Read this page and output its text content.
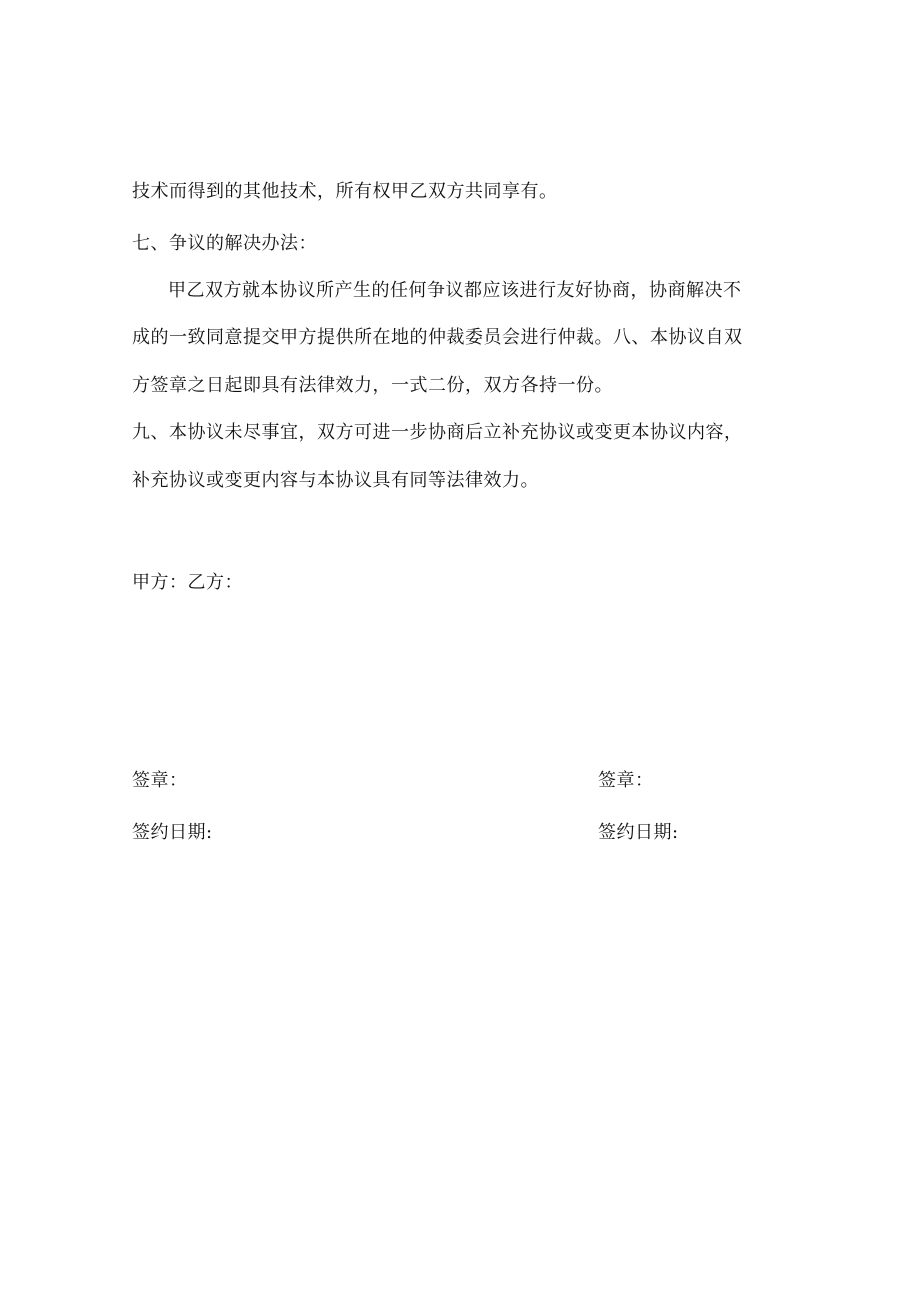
技术而得到的其他技术，所有权甲乙双方共同享有。
七、争议的解决办法：
甲乙双方就本协议所产生的任何争议都应该进行友好协商，协商解决不
成的一致同意提交甲方提供所在地的仲裁委员会进行仲裁。八、本协议自双
方签章之日起即具有法律效力，一式二份，双方各持一份。
九、本协议未尽事宜，双方可进一步协商后立补充协议或变更本协议内容，
补充协议或变更内容与本协议具有同等法律效力。
甲方：乙方：
签章：
签约日期:
签章：
签约日期:
